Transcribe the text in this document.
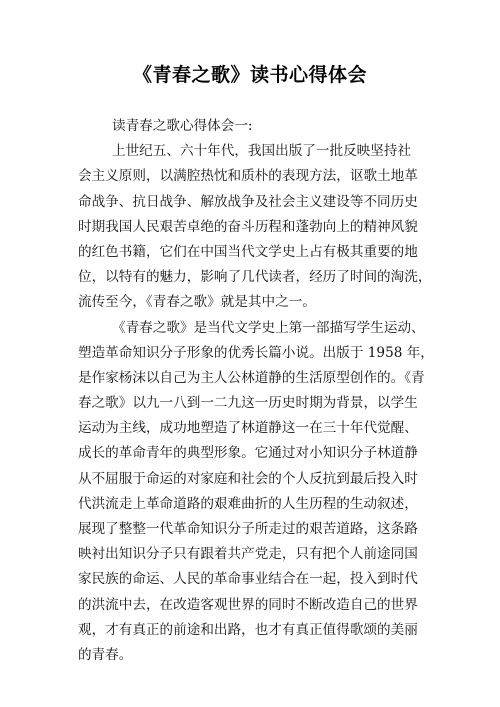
《青春之歌》读书心得体会
读青春之歌心得体会一:
上世纪五、六十年代，我国出版了一批反映坚持社
会主义原则，以满腔热忱和质朴的表现方法，讴歌土地革
命战争、抗日战争、解放战争及社会主义建设等不同历史
时期我国人民艰苦卓绝的奋斗历程和蓬勃向上的精神风貌
的红色书籍，它们在中国当代文学史上占有极其重要的地
位，以特有的魅力，影响了几代读者，经历了时间的淘洗，
流传至今，《青春之歌》就是其中之一。
《青春之歌》是当代文学史上第一部描写学生运动、
塑造革命知识分子形象的优秀长篇小说。出版于 1958 年，
是作家杨沫以自己为主人公林道静的生活原型创作的。《青
春之歌》以九一八到一二九这一历史时期为背景，以学生
运动为主线，成功地塑造了林道静这一在三十年代觉醒、
成长的革命青年的典型形象。它通过对小知识分子林道静
从不屈服于命运的对家庭和社会的个人反抗到最后投入时
代洪流走上革命道路的艰难曲折的人生历程的生动叙述，
展现了整整一代革命知识分子所走过的艰苦道路，这条路
映衬出知识分子只有跟着共产党走，只有把个人前途同国
家民族的命运、人民的革命事业结合在一起，投入到时代
的洪流中去，在改造客观世界的同时不断改造自己的世界
观，才有真正的前途和出路，也才有真正值得歌颂的美丽
的青春。
